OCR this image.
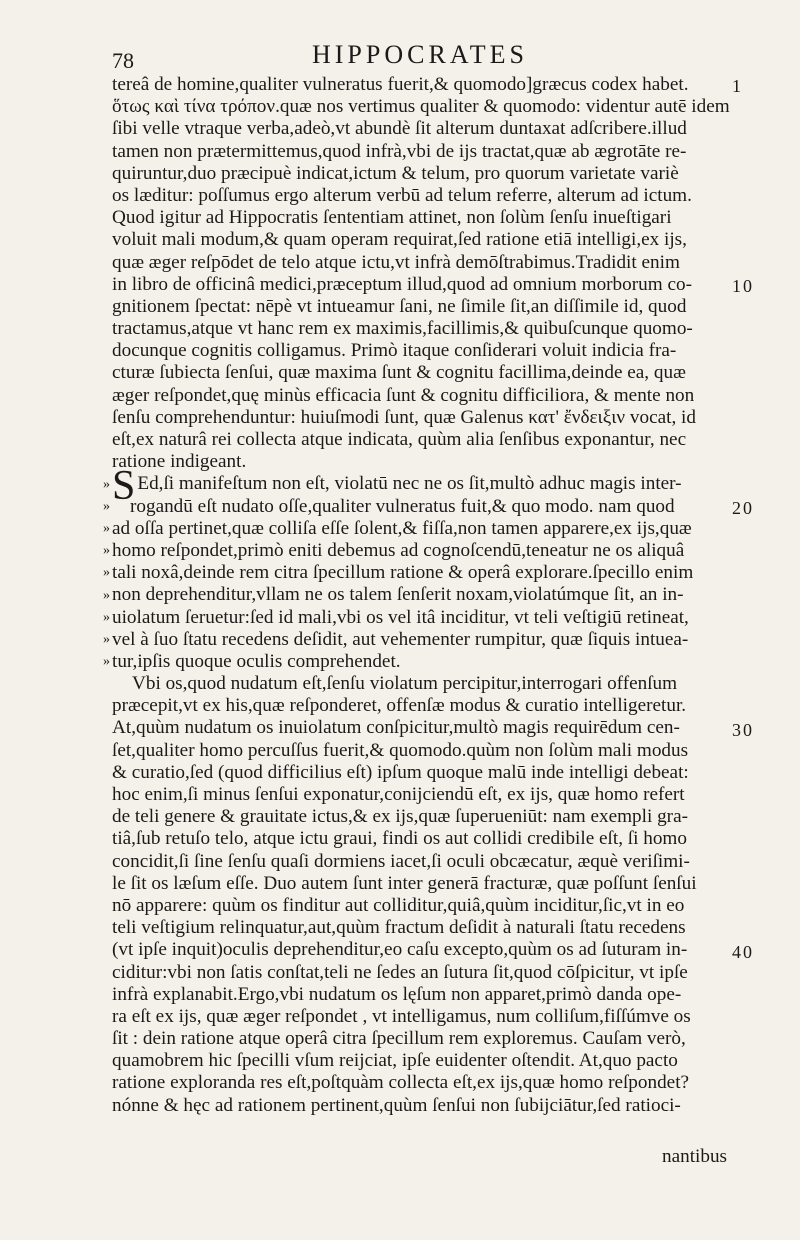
78	HIPPOCRATES
tereâ de homine,qualiter vulneratus fuerit,& quomodo]græcus codex habet.
ὅτως καὶ τίνα τρόπον.quæ nos vertimus qualiter & quomodo: videntur autē idem
ſibi velle vtraque verba,adeò,vt abundè ſit alterum duntaxat adſcribere.illud
tamen non prætermittemus,quod infrà,vbi de ijs tractat,quæ ab ægrotāte re-
quiruntur,duo præcipuè indicat,ictum & telum, pro quorum varietate variè
os læditur: poſſumus ergo alterum verbū ad telum referre, alterum ad ictum.
Quod igitur ad Hippocratis ſententiam attinet, non ſolùm ſenſu inueſtigari
voluit mali modum,& quam operam requirat,ſed ratione etiā intelligi,ex ijs,
quæ æger reſpōdet de telo atque ictu,vt infrà demōſtrabimus.Tradidit enim
in libro de officinâ medici,præceptum illud,quod ad omnium morborum co-
gnitionem ſpectat: nēpè vt intueamur ſani, ne ſimile ſit,an diſſimile id, quod
tractamus,atque vt hanc rem ex maximis,facillimis,& quibuſcunque quomo-
docunque cognitis colligamus. Primò itaque conſiderari voluit indicia fra-
cturæ ſubiecta ſenſui, quæ maxima ſunt & cognitu facillima,deinde ea, quæ
æger reſpondet,quę minùs efficacia ſunt & cognitu difficiliora, & mente non
ſenſu comprehenduntur: huiuſmodi ſunt, quæ Galenus κατ' ἔνδειξιν vocat, id
eſt,ex naturâ rei collecta atque indicata, quùm alia ſenſibus exponantur, nec
ratione indigeant.
S Ed,ſi manifeſtum non eſt, violatū nec ne os ſit,multò adhuc magis inter-
rogandū eſt nudato oſſe,qualiter vulneratus fuit,& quo modo. nam quod
ad oſſa pertinet,quæ colliſa eſſe ſolent,& fiſſa,non tamen apparere,ex ijs,quæ
homo reſpondet,primò eniti debemus ad cognoſcendū,teneatur ne os aliquâ
tali noxâ,deinde rem citra ſpecillum ratione & operâ explorare.ſpecillo enim
non deprehenditur,vllam ne os talem ſenſerit noxam,violatúmque ſit, an in-
uiolatum ſeruetur:ſed id mali,vbi os vel itâ inciditur, vt teli veſtigiū retineat,
vel à ſuo ſtatu recedens deſidit, aut vehementer rumpitur, quæ ſiquis intuea-
tur,ipſis quoque oculis comprehendet.
Vbi os,quod nudatum eſt,ſenſu violatum percipitur,interrogari offenſum
præcepit,vt ex his,quæ reſponderet, offenſæ modus & curatio intelligeretur.
At,quùm nudatum os inuiolatum conſpicitur,multò magis requirēdum cen-
ſet,qualiter homo percuſſus fuerit,& quomodo.quùm non ſolùm mali modus
& curatio,ſed (quod difficilius eſt) ipſum quoque malū inde intelligi debeat:
hoc enim,ſi minus ſenſui exponatur,conijciendū eſt, ex ijs, quæ homo refert
de teli genere & grauitate ictus,& ex ijs,quæ ſuperueniūt: nam exempli gra-
tiâ,ſub retuſo telo, atque ictu graui, findi os aut collidi credibile eſt, ſi homo
concidit,ſi ſine ſenſu quaſi dormiens iacet,ſi oculi obcæcatur, æquè veriſimi-
le ſit os læſum eſſe. Duo autem ſunt inter generā fracturæ, quæ poſſunt ſenſui
nō apparere: quùm os finditur aut colliditur,quiâ,quùm inciditur,ſic,vt in eo
teli veſtigium relinquatur,aut,quùm fractum deſidit à naturali ſtatu recedens
(vt ipſe inquit)oculis deprehenditur,eo caſu excepto,quùm os ad ſuturam in-
ciditur:vbi non ſatis conſtat,teli ne ſedes an ſutura ſit,quod cōſpicitur, vt ipſe
infrà explanabit.Ergo,vbi nudatum os lęſum non apparet,primò danda ope-
ra eſt ex ijs, quæ æger reſpondet , vt intelligamus, num colliſum,fiſſúmve os
ſit : dein ratione atque operâ citra ſpecillum rem exploremus. Cauſam verò,
quamobrem hic ſpecilli vſum reijciat, ipſe euidenter oſtendit. At,quo pacto
ratione exploranda res eſt,poſtquàm collecta eſt,ex ijs,quæ homo reſpondet?
nónne & hęc ad rationem pertinent,quùm ſenſui non ſubijciātur,ſed ratioci-
1
10
20
30
40
»
»
»
»
»
»
»
»
»
nantibus
